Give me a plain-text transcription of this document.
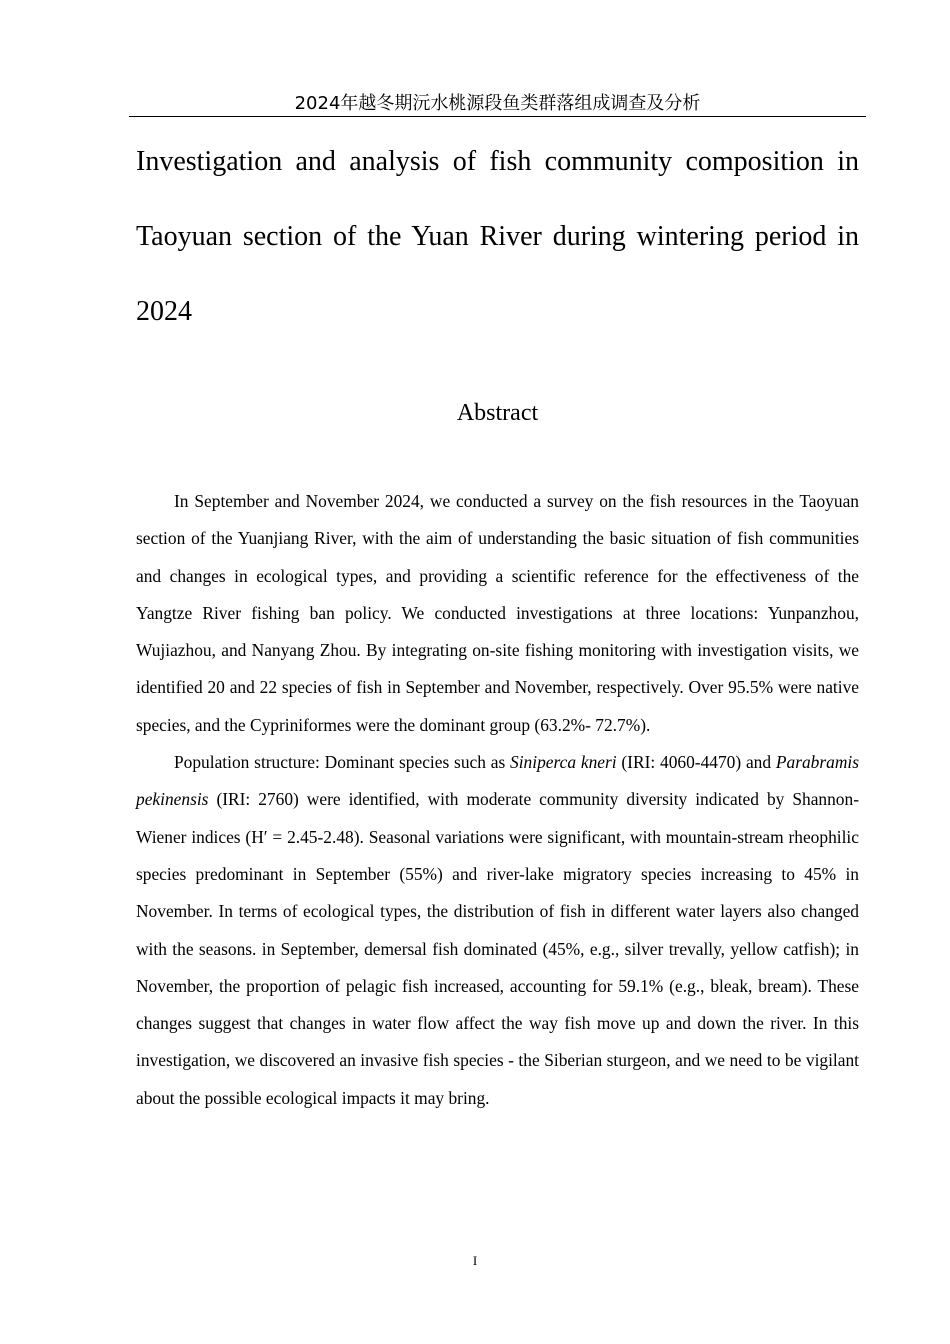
2024年越冬期沅水桃源段鱼类群落组成调查及分析
Investigation and analysis of fish community composition in Taoyuan section of the Yuan River during wintering period in 2024
Abstract

In September and November 2024, we conducted a survey on the fish resources in the Taoyuan section of the Yuanjiang River, with the aim of understanding the basic situation of fish communities and changes in ecological types, and providing a scientific reference for the effectiveness of the Yangtze River fishing ban policy. We conducted investigations at three locations: Yunpanzhou, Wujiazhou, and Nanyang Zhou. By integrating on-site fishing monitoring with investigation visits, we identified 20 and 22 species of fish in September and November, respectively. Over 95.5% were native species, and the Cypriniformes were the dominant group (63.2%- 72.7%).

Population structure: Dominant species such as Siniperca kneri (IRI: 4060-4470) and Parabramis pekinensis (IRI: 2760) were identified, with moderate community diversity indicated by Shannon-Wiener indices (H′ = 2.45-2.48). Seasonal variations were significant, with mountain-stream rheophilic species predominant in September (55%) and river-lake migratory species increasing to 45% in November. In terms of ecological types, the distribution of fish in different water layers also changed with the seasons. in September, demersal fish dominated (45%, e.g., silver trevally, yellow catfish); in November, the proportion of pelagic fish increased, accounting for 59.1% (e.g., bleak, bream). These changes suggest that changes in water flow affect the way fish move up and down the river. In this investigation, we discovered an invasive fish species - the Siberian sturgeon, and we need to be vigilant about the possible ecological impacts it may bring.

I
